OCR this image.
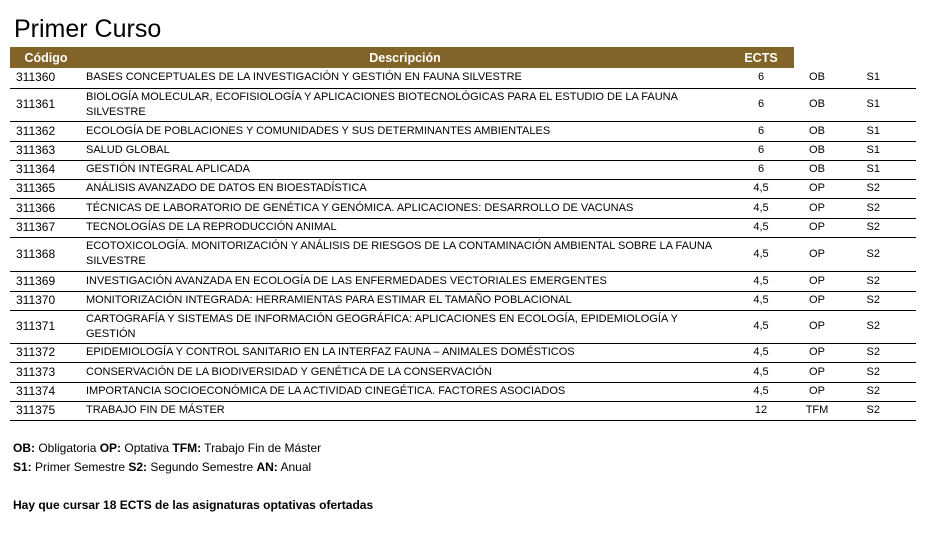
Primer Curso
Código	Descripción	ECTS		
311360	BASES CONCEPTUALES DE LA INVESTIGACIÓN Y GESTIÓN EN FAUNA SILVESTRE	6	OB	S1
311361	BIOLOGÍA MOLECULAR, ECOFISIOLOGÍA Y APLICACIONES BIOTECNOLÓGICAS PARA EL ESTUDIO DE LA FAUNA SILVESTRE	6	OB	S1
311362	ECOLOGÍA DE POBLACIONES Y COMUNIDADES Y SUS DETERMINANTES AMBIENTALES	6	OB	S1
311363	SALUD GLOBAL	6	OB	S1
311364	GESTIÓN INTEGRAL APLICADA	6	OB	S1
311365	ANÁLISIS AVANZADO DE DATOS EN BIOESTADÍSTICA	4,5	OP	S2
311366	TÉCNICAS DE LABORATORIO DE GENÉTICA Y GENÓMICA. APLICACIONES: DESARROLLO DE VACUNAS	4,5	OP	S2
311367	TECNOLOGÍAS DE LA REPRODUCCIÓN ANIMAL	4,5	OP	S2
311368	ECOTOXICOLOGÍA. MONITORIZACIÓN Y ANÁLISIS DE RIESGOS DE LA CONTAMINACIÓN AMBIENTAL SOBRE LA FAUNA SILVESTRE	4,5	OP	S2
311369	INVESTIGACIÓN AVANZADA EN ECOLOGÍA DE LAS ENFERMEDADES VECTORIALES EMERGENTES	4,5	OP	S2
311370	MONITORIZACIÓN INTEGRADA: HERRAMIENTAS PARA ESTIMAR EL TAMAÑO POBLACIONAL	4,5	OP	S2
311371	CARTOGRAFÍA Y SISTEMAS DE INFORMACIÓN GEOGRÁFICA: APLICACIONES EN ECOLOGÍA, EPIDEMIOLOGÍA Y GESTIÓN	4,5	OP	S2
311372	EPIDEMIOLOGÍA Y CONTROL SANITARIO EN LA INTERFAZ FAUNA – ANIMALES DOMÉSTICOS	4,5	OP	S2
311373	CONSERVACIÓN DE LA BIODIVERSIDAD Y GENÉTICA DE LA CONSERVACIÓN	4,5	OP	S2
311374	IMPORTANCIA SOCIOECONÓMICA DE LA ACTIVIDAD CINEGÉTICA. FACTORES ASOCIADOS	4,5	OP	S2
311375	TRABAJO FIN DE MÁSTER	12	TFM	S2
OB: Obligatoria OP: Optativa TFM: Trabajo Fin de Máster
S1: Primer Semestre S2: Segundo Semestre AN: Anual
Hay que cursar 18 ECTS de las asignaturas optativas ofertadas
